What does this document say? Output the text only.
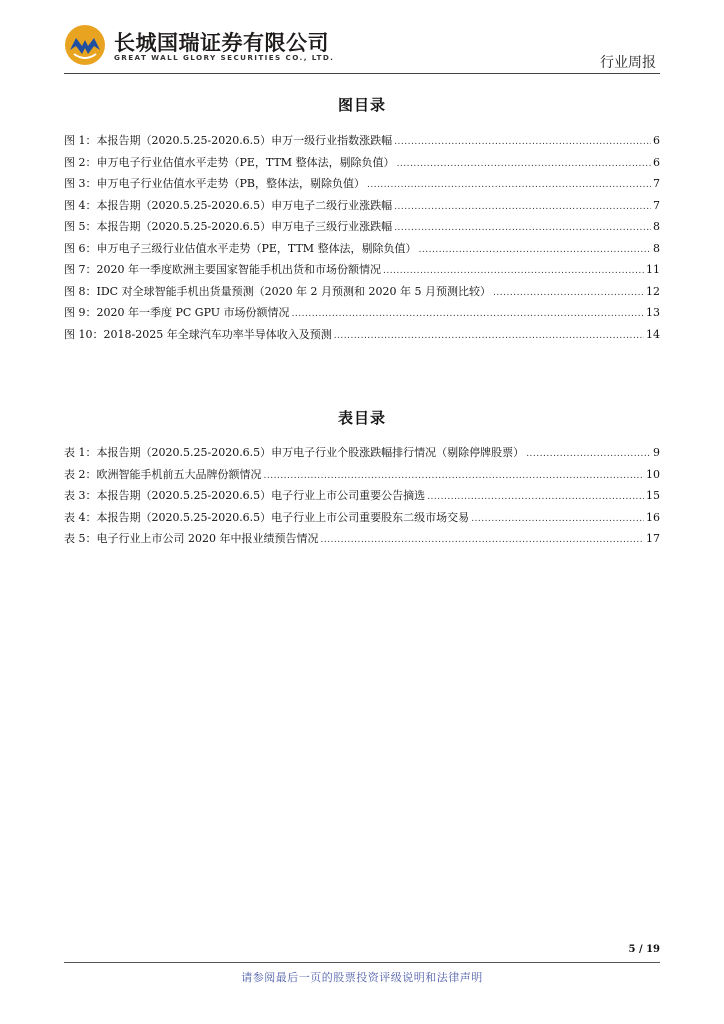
长城国瑞证券有限公司
GREAT WALL GLORY SECURITIES CO., LTD.	行业周报
图目录
图 1：本报告期（2020.5.25-2020.6.5）申万一级行业指数涨跌幅 .....	6
图 2：申万电子行业估值水平走势（PE，TTM 整体法，剔除负值） .....	6
图 3：申万电子行业估值水平走势（PB，整体法，剔除负值） .....	7
图 4：本报告期（2020.5.25-2020.6.5）申万电子二级行业涨跌幅 .....	7
图 5：本报告期（2020.5.25-2020.6.5）申万电子三级行业涨跌幅 .....	8
图 6：申万电子三级行业估值水平走势（PE，TTM 整体法，剔除负值） .....	8
图 7：2020 年一季度欧洲主要国家智能手机出货和市场份额情况 .....	11
图 8：IDC 对全球智能手机出货量预测（2020 年 2 月预测和 2020 年 5 月预测比较） .....	12
图 9：2020 年一季度 PC GPU 市场份额情况 .....	13
图 10：2018-2025 年全球汽车功率半导体收入及预测 .....	14
表目录
表 1：本报告期（2020.5.25-2020.6.5）申万电子行业个股涨跌幅排行情况（剔除停牌股票） .....	9
表 2：欧洲智能手机前五大品牌份额情况 .....	10
表 3：本报告期（2020.5.25-2020.6.5）电子行业上市公司重要公告摘选 .....	15
表 4：本报告期（2020.5.25-2020.6.5）电子行业上市公司重要股东二级市场交易 .....	16
表 5：电子行业上市公司 2020 年中报业绩预告情况 .....	17
5 / 19
请参阅最后一页的股票投资评级说明和法律声明
